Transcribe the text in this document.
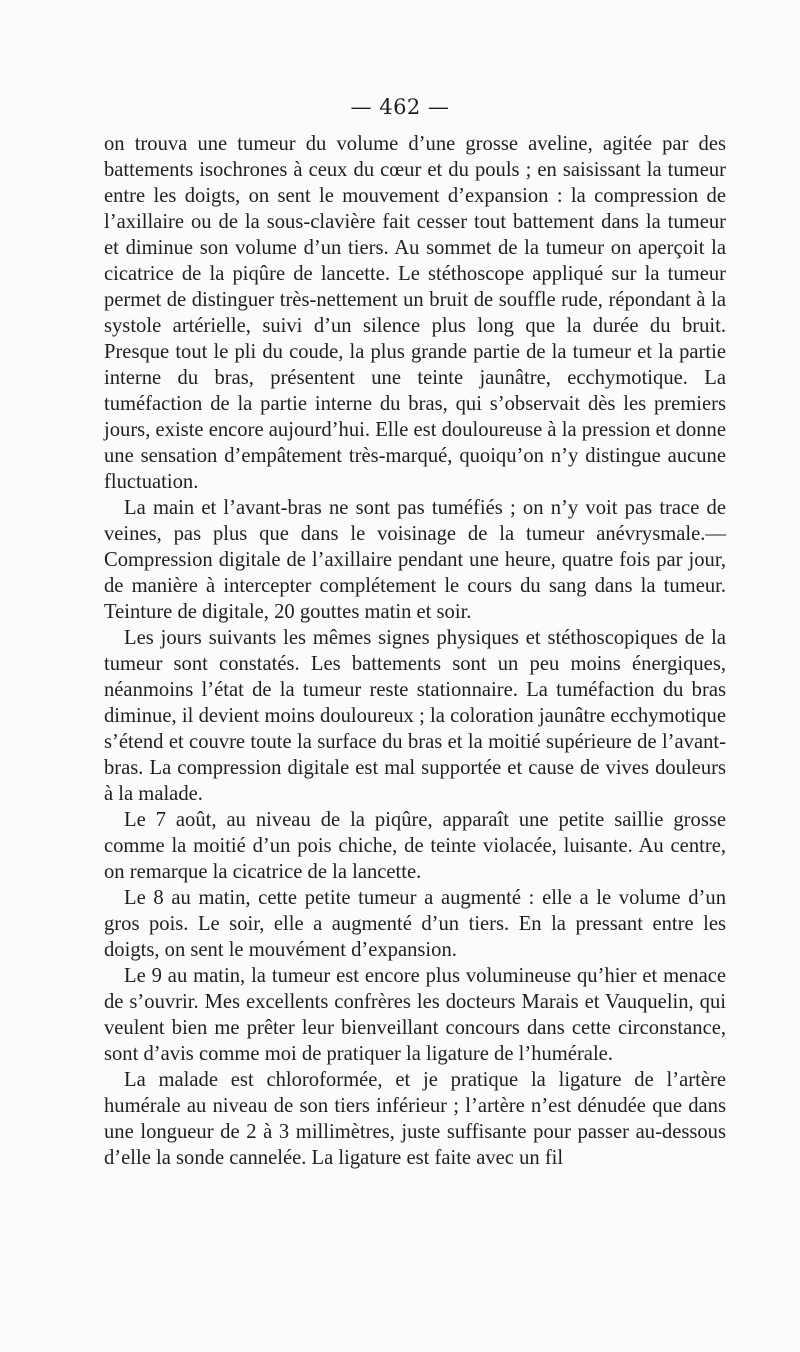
— 462 —

on trouva une tumeur du volume d’une grosse aveline, agitée par des battements isochrones à ceux du cœur et du pouls ; en saisissant la tumeur entre les doigts, on sent le mouvement d’expansion : la compression de l’axillaire ou de la sous-clavière fait cesser tout battement dans la tumeur et diminue son volume d’un tiers. Au sommet de la tumeur on aperçoit la cicatrice de la piqûre de lancette. Le stéthoscope appliqué sur la tumeur permet de distinguer très-nettement un bruit de souffle rude, répondant à la systole artérielle, suivi d’un silence plus long que la durée du bruit. Presque tout le pli du coude, la plus grande partie de la tumeur et la partie interne du bras, présentent une teinte jaunâtre, ecchymotique. La tuméfaction de la partie interne du bras, qui s’observait dès les premiers jours, existe encore aujourd’hui. Elle est douloureuse à la pression et donne une sensation d’empâtement très-marqué, quoiqu’on n’y distingue aucune fluctuation.

La main et l’avant-bras ne sont pas tuméfiés ; on n’y voit pas trace de veines, pas plus que dans le voisinage de la tumeur anévrysmale.—Compression digitale de l’axillaire pendant une heure, quatre fois par jour, de manière à intercepter complétement le cours du sang dans la tumeur. Teinture de digitale, 20 gouttes matin et soir.

Les jours suivants les mêmes signes physiques et stéthoscopiques de la tumeur sont constatés. Les battements sont un peu moins énergiques, néanmoins l’état de la tumeur reste stationnaire. La tuméfaction du bras diminue, il devient moins douloureux ; la coloration jaunâtre ecchymotique s’étend et couvre toute la surface du bras et la moitié supérieure de l’avant-bras. La compression digitale est mal supportée et cause de vives douleurs à la malade.

Le 7 août, au niveau de la piqûre, apparaît une petite saillie grosse comme la moitié d’un pois chiche, de teinte violacée, luisante. Au centre, on remarque la cicatrice de la lancette.

Le 8 au matin, cette petite tumeur a augmenté : elle a le volume d’un gros pois. Le soir, elle a augmenté d’un tiers. En la pressant entre les doigts, on sent le mouvément d’expansion.

Le 9 au matin, la tumeur est encore plus volumineuse qu’hier et menace de s’ouvrir. Mes excellents confrères les docteurs Marais et Vauquelin, qui veulent bien me prêter leur bienveillant concours dans cette circonstance, sont d’avis comme moi de pratiquer la ligature de l’humérale.

La malade est chloroformée, et je pratique la ligature de l’artère humérale au niveau de son tiers inférieur ; l’artère n’est dénudée que dans une longueur de 2 à 3 millimètres, juste suffisante pour passer au-dessous d’elle la sonde cannelée. La ligature est faite avec un fil
